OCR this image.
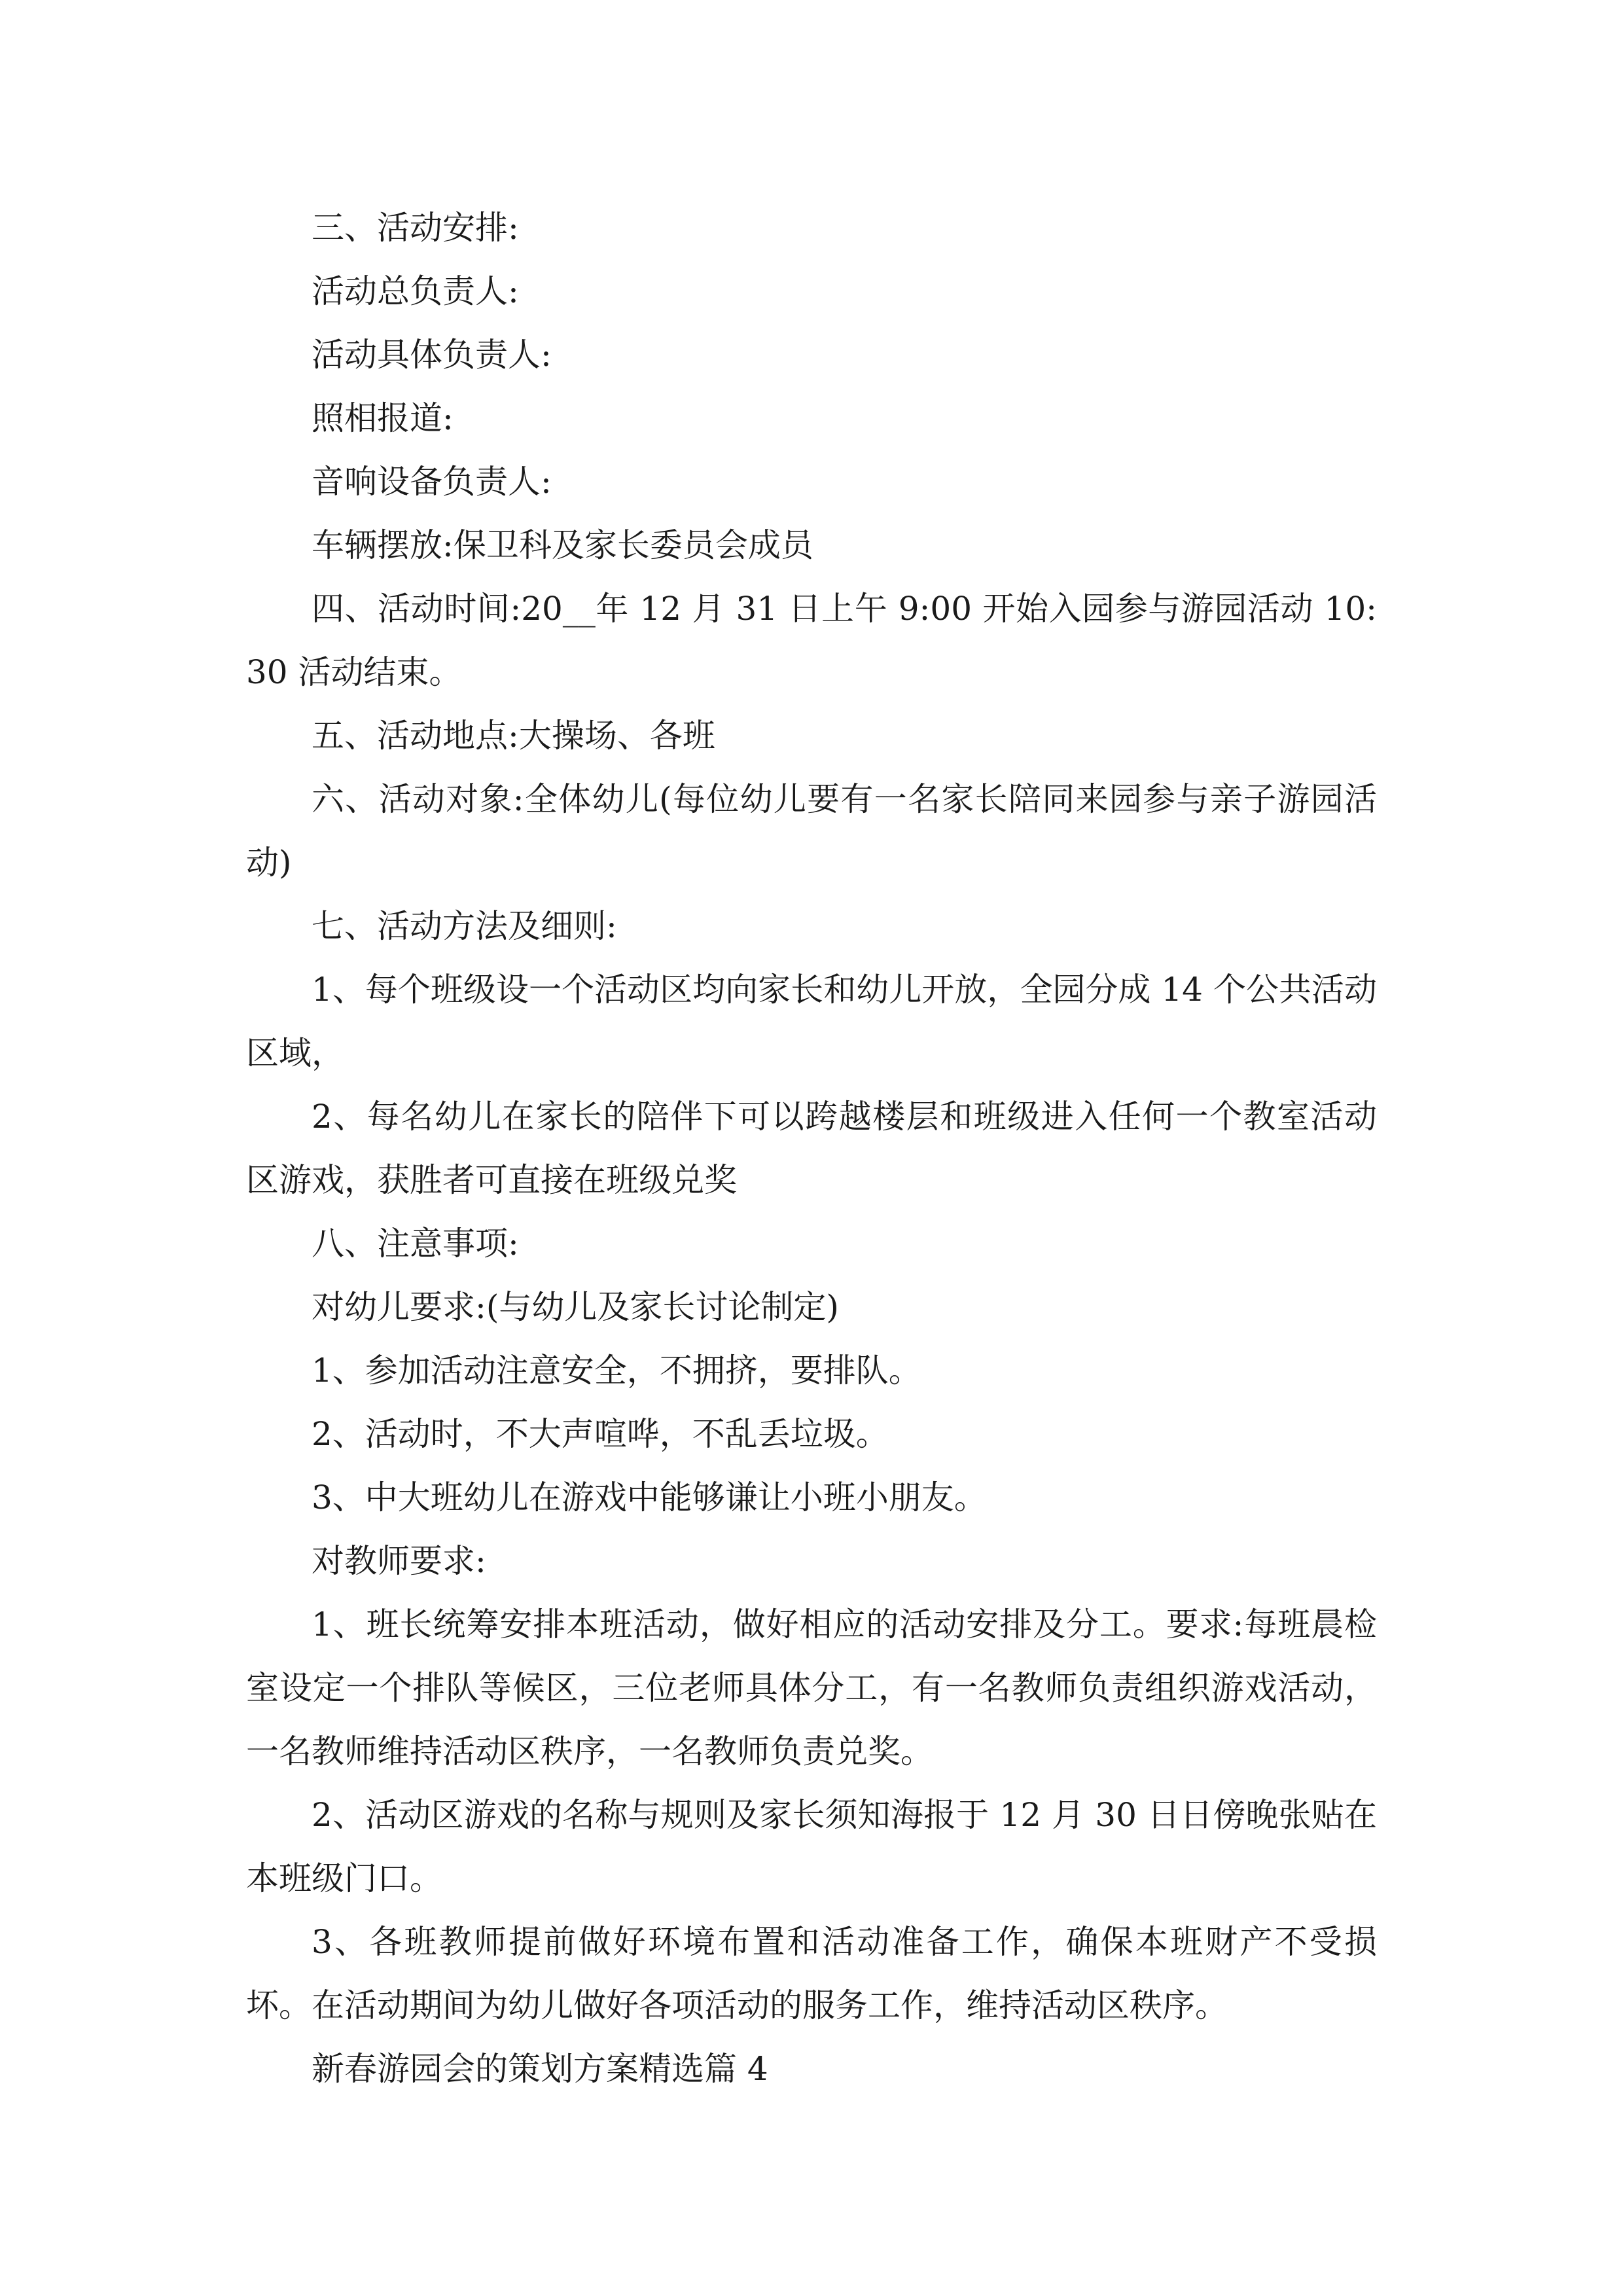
三、活动安排:

活动总负责人:

活动具体负责人:

照相报道:

音响设备负责人:

车辆摆放:保卫科及家长委员会成员

四、活动时间:20__年 12 月 31 日上午 9:00 开始入园参与游园活动 10:30 活动结束。

五、活动地点:大操场、各班

六、活动对象:全体幼儿(每位幼儿要有一名家长陪同来园参与亲子游园活动)

七、活动方法及细则:

1、每个班级设一个活动区均向家长和幼儿开放，全园分成 14 个公共活动区域，

2、每名幼儿在家长的陪伴下可以跨越楼层和班级进入任何一个教室活动区游戏，获胜者可直接在班级兑奖

八、注意事项:

对幼儿要求:(与幼儿及家长讨论制定)

1、参加活动注意安全，不拥挤，要排队。

2、活动时，不大声喧哗，不乱丢垃圾。

3、中大班幼儿在游戏中能够谦让小班小朋友。

对教师要求:

1、班长统筹安排本班活动，做好相应的活动安排及分工。要求:每班晨检室设定一个排队等候区，三位老师具体分工，有一名教师负责组织游戏活动，一名教师维持活动区秩序，一名教师负责兑奖。

2、活动区游戏的名称与规则及家长须知海报于 12 月 30 日日傍晚张贴在本班级门口。

3、各班教师提前做好环境布置和活动准备工作，确保本班财产不受损坏。在活动期间为幼儿做好各项活动的服务工作，维持活动区秩序。

新春游园会的策划方案精选篇 4
